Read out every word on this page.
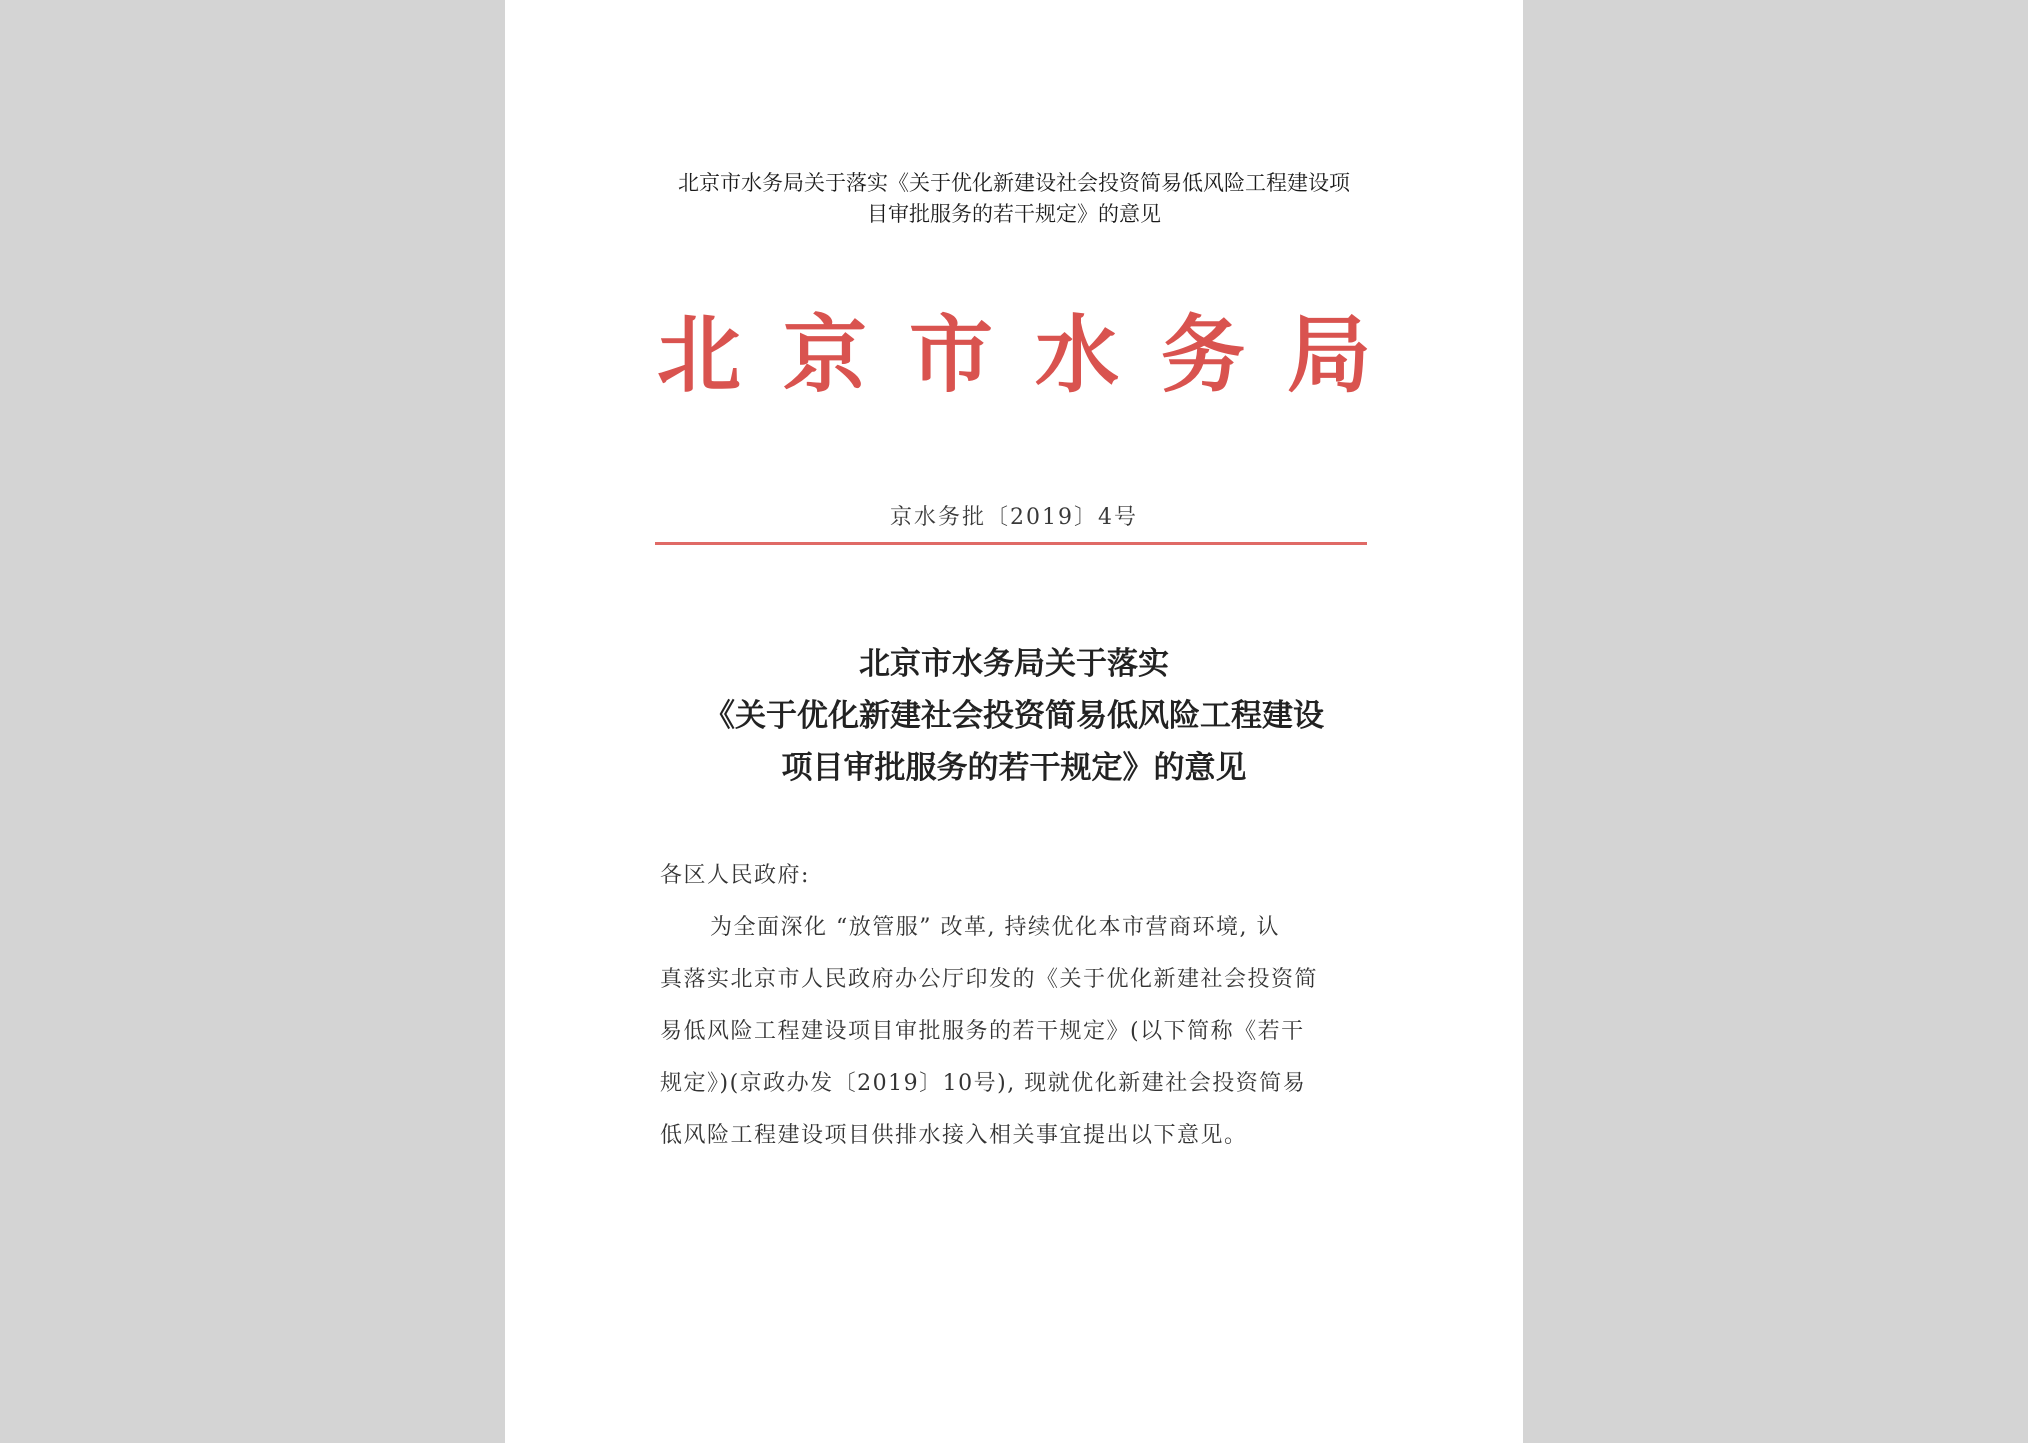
北京市水务局关于落实《关于优化新建设社会投资简易低风险工程建设项
目审批服务的若干规定》的意见
北京市水务局
京水务批〔2019〕4号
北京市水务局关于落实
《关于优化新建社会投资简易低风险工程建设
项目审批服务的若干规定》的意见
各区人民政府:
为全面深化 “放管服” 改革, 持续优化本市营商环境, 认
真落实北京市人民政府办公厅印发的《关于优化新建社会投资简
易低风险工程建设项目审批服务的若干规定》(以下简称《若干
规定》)(京政办发〔2019〕10号), 现就优化新建社会投资简易
低风险工程建设项目供排水接入相关事宜提出以下意见。
